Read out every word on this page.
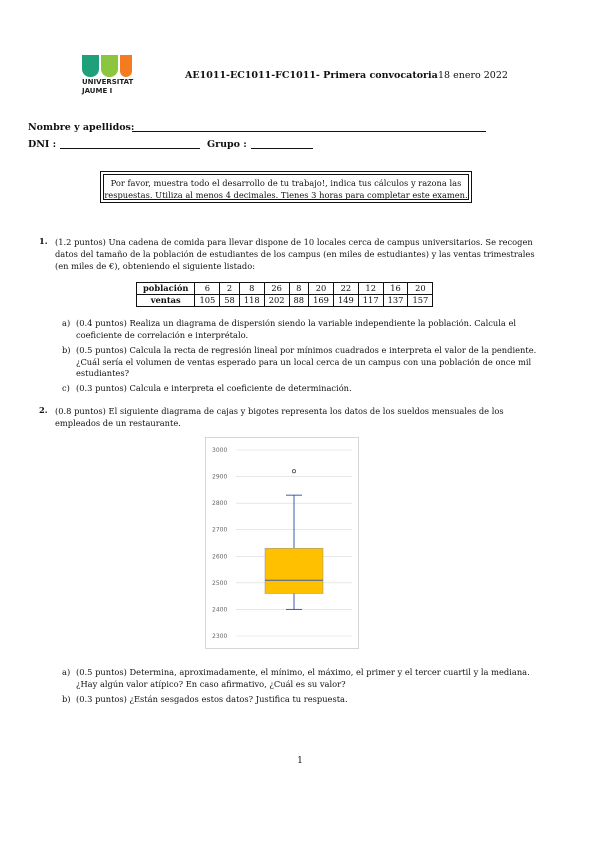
UNIVERSITAT
JAUME I
AE1011-EC1011-FC1011- Primera convocatoria 18 enero 2022
Nombre y apellidos:
DNI :	Grupo :
Por favor, muestra todo el desarrollo de tu trabajo!, indica tus cálculos y razona las
respuestas. Utiliza al menos 4 decimales. Tienes 3 horas para completar este examen.
1. (1.2 puntos) Una cadena de comida para llevar dispone de 10 locales cerca de campus universitarios. Se recogen
datos del tamaño de la población de estudiantes de los campus (en miles de estudiantes) y las ventas trimestrales
(en miles de €), obteniendo el siguiente listado:
población	6	2	8	26	8	20	22	12	16	20
ventas	105	58	118	202	88	169	149	117	137	157
a) (0.4 puntos) Realiza un diagrama de dispersión siendo la variable independiente la población. Calcula el
coeficiente de correlación e interprétalo.
b) (0.5 puntos) Calcula la recta de regresión lineal por mínimos cuadrados e interpreta el valor de la pendiente.
¿Cuál sería el volumen de ventas esperado para un local cerca de un campus con una población de once mil
estudiantes?
c) (0.3 puntos) Calcula e interpreta el coeficiente de determinación.
2. (0.8 puntos) El siguiente diagrama de cajas y bigotes representa los datos de los sueldos mensuales de los
empleados de un restaurante.
3000
2900
2800
2700
2600
2500
2400
2300
a) (0.5 puntos) Determina, aproximadamente, el mínimo, el máximo, el primer y el tercer cuartil y la mediana.
¿Hay algún valor atípico? En caso afirmativo, ¿Cuál es su valor?
b) (0.3 puntos) ¿Están sesgados estos datos? Justifica tu respuesta.
1
